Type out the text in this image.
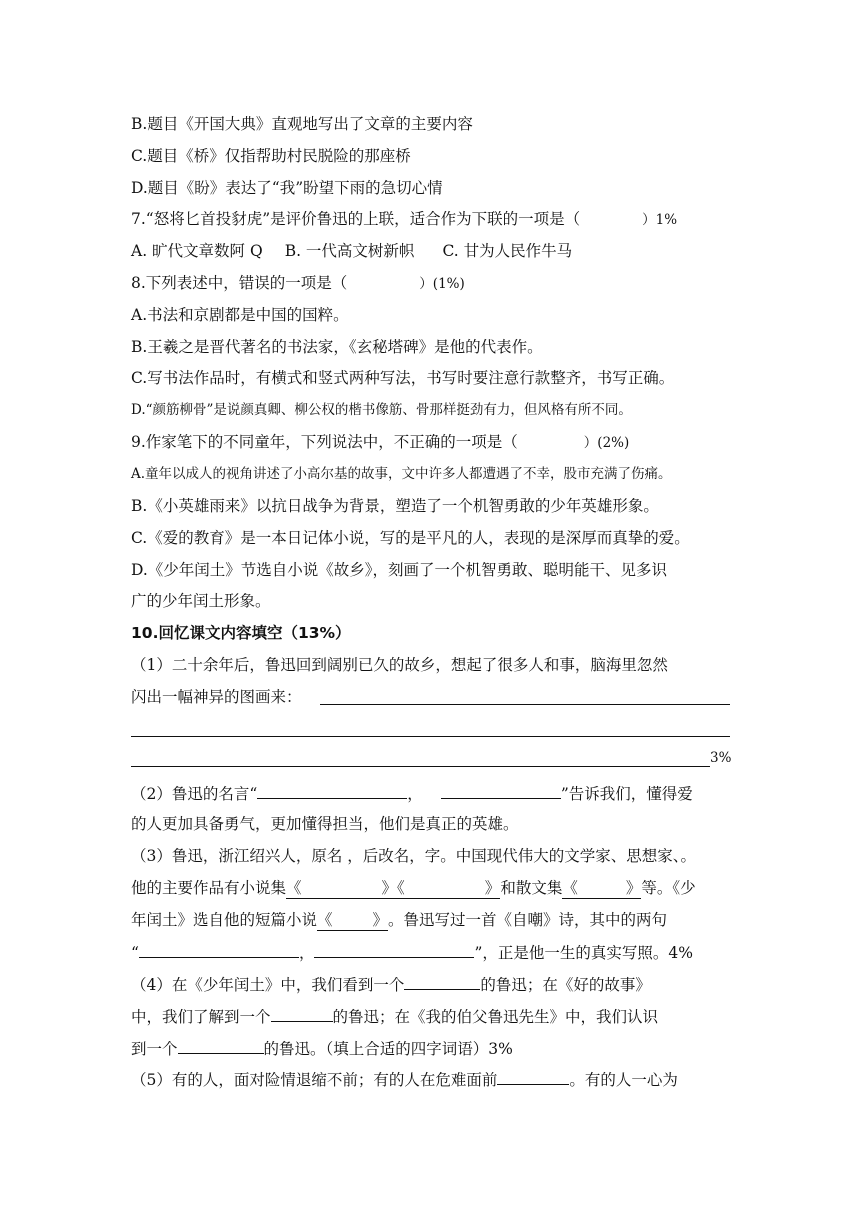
B.题目《开国大典》直观地写出了文章的主要内容
C.题目《桥》仅指帮助村民脱险的那座桥
D.题目《盼》表达了“我”盼望下雨的急切心情
7.“怒将匕首投豺虎”是评价鲁迅的上联，适合作为下联的一项是（	）1%
A. 旷代文章数阿 Q B. 一代高文树新帜 C. 甘为人民作牛马
8.下列表述中，错误的一项是（	）(1%)
A.书法和京剧都是中国的国粹。
B.王羲之是晋代著名的书法家，《玄秘塔碑》是他的代表作。
C.写书法作品时，有横式和竖式两种写法，书写时要注意行款整齐，书写正确。
D.“颜筋柳骨”是说颜真卿、柳公权的楷书像筋、骨那样挺劲有力，但风格有所不同。
9.作家笔下的不同童年，下列说法中，不正确的一项是（	）(2%)
A.童年以成人的视角讲述了小高尔基的故事，文中许多人都遭遇了不幸，股市充满了伤痛。
B.《小英雄雨来》以抗日战争为背景，塑造了一个机智勇敢的少年英雄形象。
C.《爱的教育》是一本日记体小说，写的是平凡的人，表现的是深厚而真挚的爱。
D.《少年闰土》节选自小说《故乡》，刻画了一个机智勇敢、聪明能干、见多识
广的少年闰土形象。
10.回忆课文内容填空（13%）
（1）二十余年后，鲁迅回到阔别已久的故乡，想起了很多人和事，脑海里忽然
闪出一幅神异的图画来：
3%
（2）鲁迅的名言“	，	”告诉我们，懂得爱
的人更加具备勇气，更加懂得担当，他们是真正的英雄。
（3）鲁迅，浙江绍兴人，原名 ，后改名，字。中国现代伟大的文学家、思想家、。
他的主要作品有小说集《	》《	》和散文集《	》等。《少
年闰土》选自他的短篇小说《	》。鲁迅写过一首《自嘲》诗，其中的两句
“	，	”，正是他一生的真实写照。4%
（4）在《少年闰土》中，我们看到一个	的鲁迅；在《好的故事》
中，我们了解到一个	的鲁迅；在《我的伯父鲁迅先生》中，我们认识
到一个	的鲁迅。（填上合适的四字词语）3%
（5）有的人，面对险情退缩不前；有的人在危难面前	。有的人一心为
